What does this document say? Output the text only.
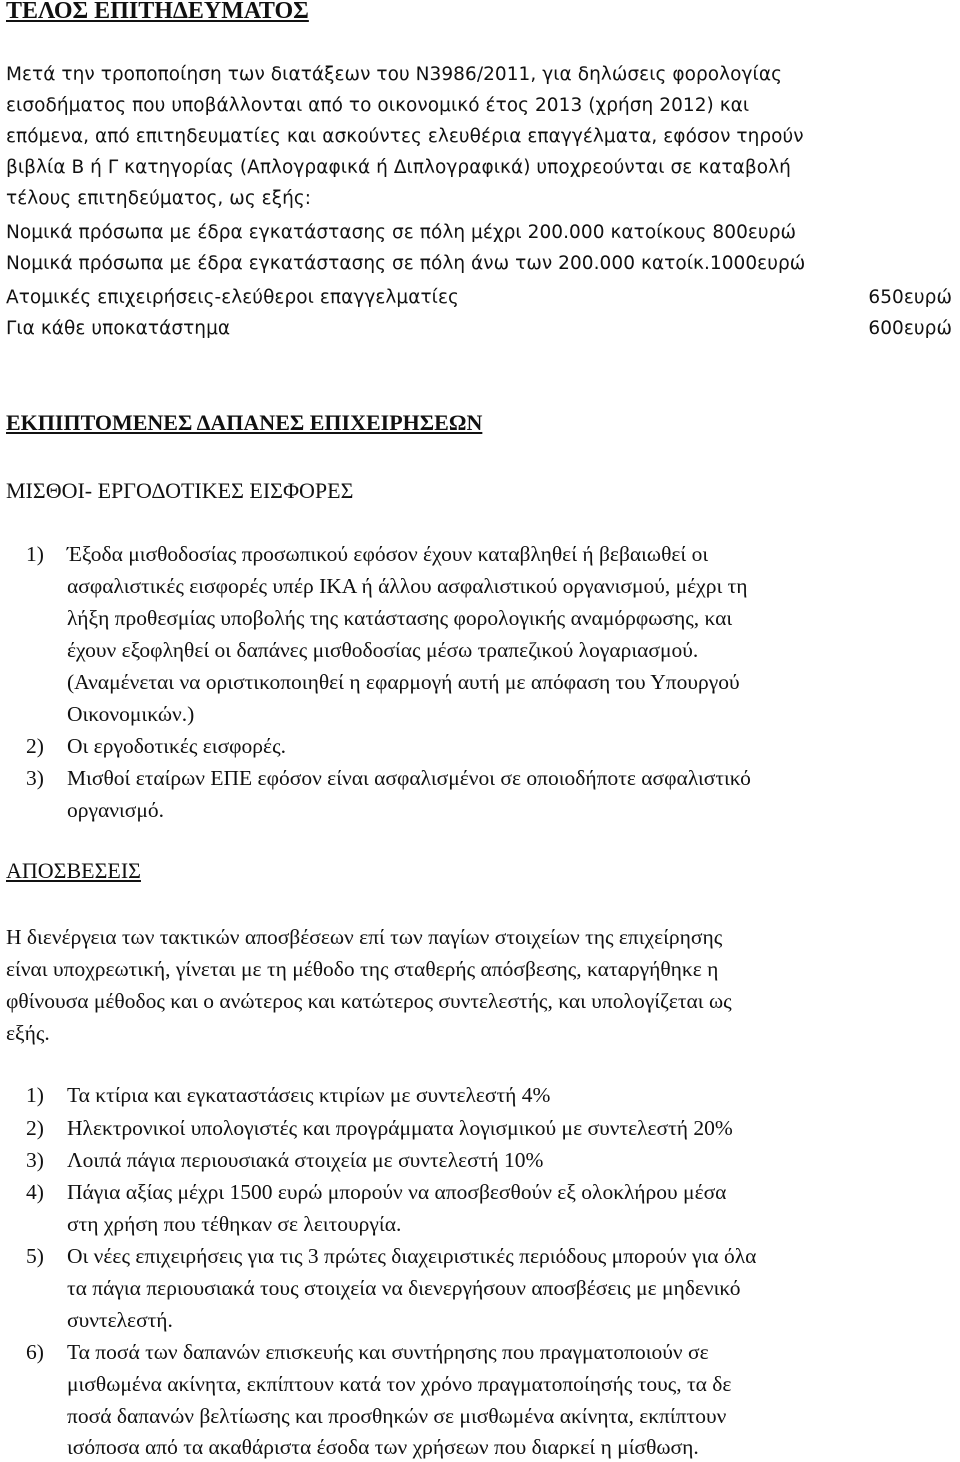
ΤΕΛΟΣ ΕΠΙΤΗΔΕΥΜΑΤΟΣ
Μετά την τροποποίηση των διατάξεων του Ν3986/2011, για δηλώσεις φορολογίας
εισοδήματος που υποβάλλονται από το οικονομικό έτος 2013 (χρήση 2012) και
επόμενα, από επιτηδευματίες και ασκούντες ελευθέρια επαγγέλματα, εφόσον τηρούν
βιβλία Β ή Γ κατηγορίας (Απλογραφικά ή Διπλογραφικά) υποχρεούνται σε καταβολή
τέλους επιτηδεύματος, ως εξής:
Νομικά πρόσωπα με έδρα εγκατάστασης σε πόλη μέχρι 200.000 κατοίκους 800ευρώ
Νομικά πρόσωπα με έδρα εγκατάστασης σε πόλη άνω των 200.000 κατοίκ.1000ευρώ
Ατομικές επιχειρήσεις-ελεύθεροι επαγγελματίες	650ευρώ
Για κάθε υποκατάστημα	600ευρώ
ΕΚΠΙΠΤΟΜΕΝΕΣ ΔΑΠΑΝΕΣ ΕΠΙΧΕΙΡΗΣΕΩΝ
ΜΙΣΘΟΙ- ΕΡΓΟΔΟΤΙΚΕΣ ΕΙΣΦΟΡΕΣ
1) Έξοδα μισθοδοσίας προσωπικού εφόσον έχουν καταβληθεί ή βεβαιωθεί οι
ασφαλιστικές εισφορές υπέρ ΙΚΑ ή άλλου ασφαλιστικού οργανισμού, μέχρι τη
λήξη προθεσμίας υποβολής της κατάστασης φορολογικής αναμόρφωσης, και
έχουν εξοφληθεί οι δαπάνες μισθοδοσίας μέσω τραπεζικού λογαριασμού.
(Αναμένεται να οριστικοποιηθεί η εφαρμογή αυτή με απόφαση του Υπουργού
Οικονομικών.)
2) Οι εργοδοτικές εισφορές.
3) Μισθοί εταίρων ΕΠΕ εφόσον είναι ασφαλισμένοι σε οποιοδήποτε ασφαλιστικό
οργανισμό.
ΑΠΟΣΒΕΣΕΙΣ
Η διενέργεια των τακτικών αποσβέσεων επί των παγίων στοιχείων της επιχείρησης
είναι υποχρεωτική, γίνεται με τη μέθοδο της σταθερής απόσβεσης, καταργήθηκε η
φθίνουσα μέθοδος και ο ανώτερος και κατώτερος συντελεστής, και υπολογίζεται ως
εξής.
1) Τα κτίρια και εγκαταστάσεις κτιρίων με συντελεστή 4%
2) Ηλεκτρονικοί υπολογιστές και προγράμματα λογισμικού με συντελεστή 20%
3) Λοιπά πάγια περιουσιακά στοιχεία με συντελεστή 10%
4) Πάγια αξίας μέχρι 1500 ευρώ μπορούν να αποσβεσθούν εξ ολοκλήρου μέσα
στη χρήση που τέθηκαν σε λειτουργία.
5) Οι νέες επιχειρήσεις για τις 3 πρώτες διαχειριστικές περιόδους μπορούν για όλα
τα πάγια περιουσιακά τους στοιχεία να διενεργήσουν αποσβέσεις με μηδενικό
συντελεστή.
6) Τα ποσά των δαπανών επισκευής και συντήρησης που πραγματοποιούν σε
μισθωμένα ακίνητα, εκπίπτουν κατά τον χρόνο πραγματοποίησής τους, τα δε
ποσά δαπανών βελτίωσης και προσθηκών σε μισθωμένα ακίνητα, εκπίπτουν
ισόποσα από τα ακαθάριστα έσοδα των χρήσεων που διαρκεί η μίσθωση.
